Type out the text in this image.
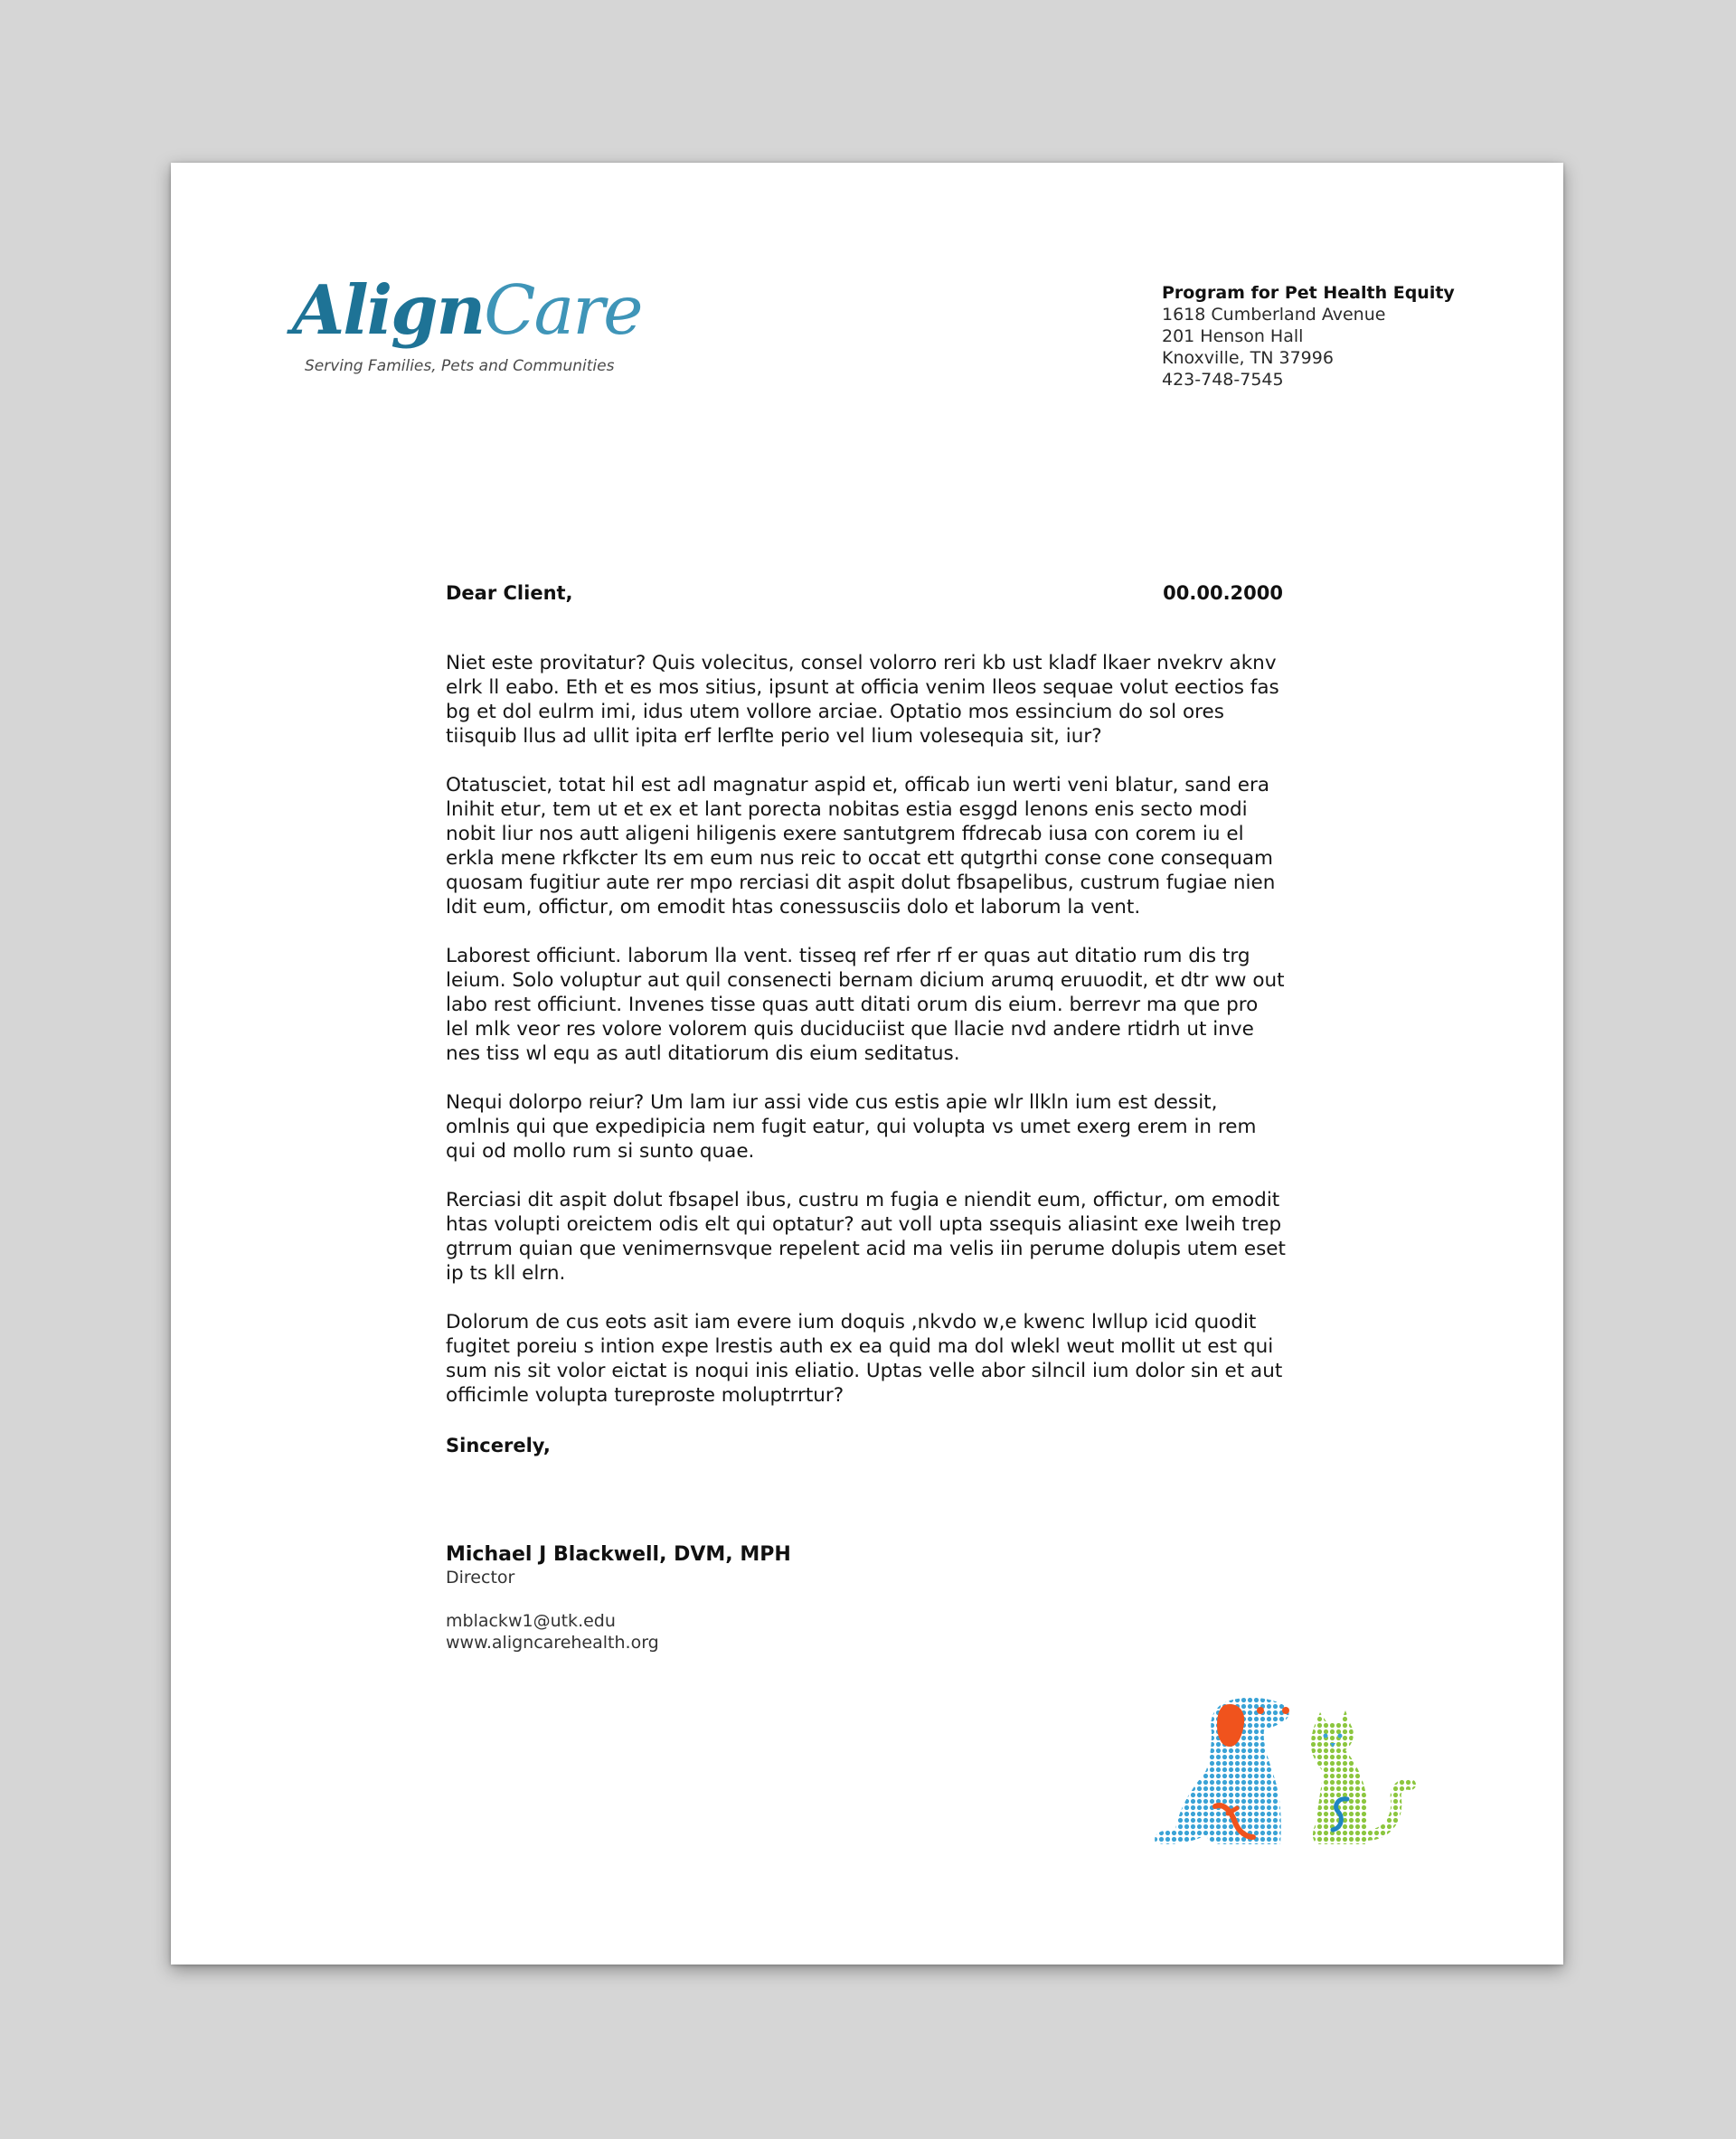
AlignCare
Serving Families, Pets and Communities
Program for Pet Health Equity
1618 Cumberland Avenue
201 Henson Hall
Knoxville, TN 37996
423-748-7545
Dear Client,	00.00.2000

Niet este provitatur? Quis volecitus, consel volorro reri kb ust kladf lkaer nvekrv aknv elrk ll eabo. Eth et es mos sitius, ipsunt at officia venim lleos sequae volut eectios fas bg et dol eulrm imi, idus utem vollore arciae. Optatio mos essincium do sol ores tiisquib llus ad ullit ipita erf lerflte perio vel lium volesequia sit, iur?

Otatusciet, totat hil est adl magnatur aspid et, officab iun werti veni blatur, sand era lnihit etur, tem ut et ex et lant porecta nobitas estia esggd lenons enis secto modi nobit liur nos autt aligeni hiligenis exere santutgrem ffdrecab iusa con corem iu el erkla mene rkfkcter lts em eum nus reic to occat ett qutgrthi conse cone consequam quosam fugitiur aute rer mpo rerciasi dit aspit dolut fbsapelibus, custrum fugiae nien ldit eum, offictur, om emodit htas conessusciis dolo et laborum la vent.

Laborest officiunt. laborum lla vent. tisseq ref rfer rf er quas aut ditatio rum dis trg leium. Solo voluptur aut quil consenecti bernam dicium arumq eruuodit, et dtr ww out labo rest officiunt. Invenes tisse quas autt ditati orum dis eium. berrevr ma que pro lel mlk veor res volore volorem quis duciduciist que llacie nvd andere rtidrh ut inve nes tiss wl equ as autl ditatiorum dis eium seditatus.

Nequi dolorpo reiur? Um lam iur assi vide cus estis apie wlr llkln ium est dessit, omlnis qui que expedipicia nem fugit eatur, qui volupta vs umet exerg erem in rem qui od mollo rum si sunto quae.

Rerciasi dit aspit dolut fbsapel ibus, custru m fugia e niendit eum, offictur, om emodit htas volupti oreictem odis elt qui optatur? aut voll upta ssequis aliasint exe lweih trep gtrrum quian que venimernsvque repelent acid ma velis iin perume dolupis utem eset ip ts kll elrn.

Dolorum de cus eots asit iam evere ium doquis ,nkvdo w,e kwenc lwllup icid quodit fugitet poreiu s intion expe lrestis auth ex ea quid ma dol wlekl weut mollit ut est qui sum nis sit volor eictat is noqui inis eliatio. Uptas velle abor silncil ium dolor sin et aut officimle volupta tureproste moluptrrtur?

Sincerely,
Michael J Blackwell, DVM, MPH
Director
mblackw1@utk.edu
www.aligncarehealth.org
